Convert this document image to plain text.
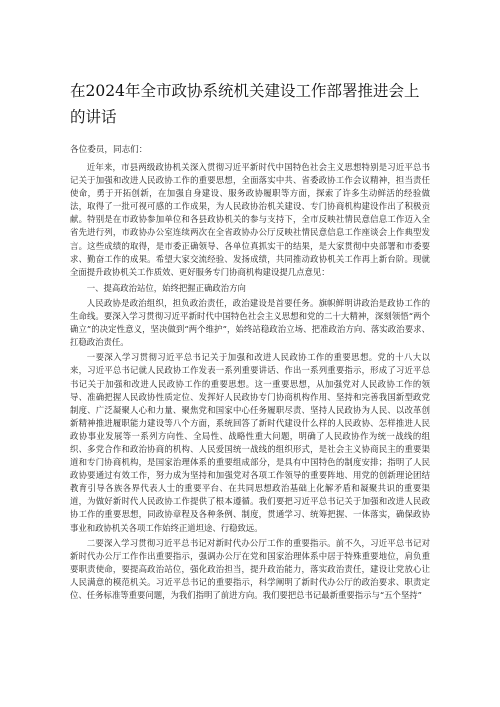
在2024年全市政协系统机关建设工作部署推进会上
的讲话
各位委员，同志们：

近年来，市县两级政协机关深入贯彻习近平新时代中国特色社会主义思想特别是习近平总书记关于加强和改进人民政协工作的重要思想，全面落实中共、省委政协工作会议精神，担当责任使命，勇于开拓创新，在加强自身建设、服务政协履职等方面，探索了许多生动鲜活的经验做法，取得了一批可视可感的工作成果，为人民政协治机关建设、专门协商机构建设作出了积极贡献。特别是在市政协参加单位和各县政协机关的参与支持下，全市反映社情民意信息工作迈入全省先进行列，市政协办公室连续两次在全省政协办公厅反映社情民意信息工作座谈会上作典型发言。这些成绩的取得，是市委正确领导、各单位真抓实干的结果，是大家贯彻中央部署和市委要求、勤奋工作的成果。希望大家交流经验、发扬成绩，共同推动政协机关工作再上新台阶。现就全面提升政协机关工作质效、更好服务专门协商机构建设提几点意见：

一、提高政治站位，始终把握正确政治方向

人民政协是政治组织，担负政治责任，政治建设是首要任务。旗帜鲜明讲政治是政协工作的生命线。要深入学习贯彻习近平新时代中国特色社会主义思想和党的二十大精神，深刻领悟“两个确立”的决定性意义，坚决做到“两个维护”，始终站稳政治立场、把准政治方向、落实政治要求、扛稳政治责任。

一要深入学习贯彻习近平总书记关于加强和改进人民政协工作的重要思想。党的十八大以来，习近平总书记就人民政协工作发表一系列重要讲话、作出一系列重要指示，形成了习近平总书记关于加强和改进人民政协工作的重要思想。这一重要思想，从加强党对人民政协工作的领导、准确把握人民政协性质定位、发挥好人民政协专门协商机构作用、坚持和完善我国新型政党制度、广泛凝聚人心和力量、聚焦党和国家中心任务履职尽责、坚持人民政协为人民、以改革创新精神推进履职能力建设等八个方面，系统回答了新时代建设什么样的人民政协、怎样推进人民政协事业发展等一系列方向性、全局性、战略性重大问题，明确了人民政协作为统一战线的组织、多党合作和政治协商的机构、人民爱国统一战线的组织形式，是社会主义协商民主的重要渠道和专门协商机构，是国家治理体系的重要组成部分，是具有中国特色的制度安排；指明了人民政协要通过有效工作，努力成为坚持和加强党对各项工作领导的重要阵地、用党的创新理论团结教育引导各族各界代表人士的重要平台、在共同思想政治基础上化解矛盾和凝聚共识的重要渠道，为做好新时代人民政协工作提供了根本遵循。我们要把习近平总书记关于加强和改进人民政协工作的重要思想，同政协章程及各种条例、制度，贯通学习、统筹把握、一体落实，确保政协事业和政协机关各项工作始终正道坦途、行稳致远。

二要深入学习贯彻习近平总书记对新时代办公厅工作的重要指示。前不久，习近平总书记对新时代办公厅工作作出重要指示，强调办公厅在党和国家治理体系中居于特殊重要地位，肩负重要职责使命，要提高政治站位，强化政治担当，提升政治能力，落实政治责任，建设让党放心让人民满意的模范机关。习近平总书记的重要指示，科学阐明了新时代办公厅的政治要求、职责定位、任务标准等重要问题，为我们指明了前进方向。我们要把总书记最新重要指示与“五个坚持”
